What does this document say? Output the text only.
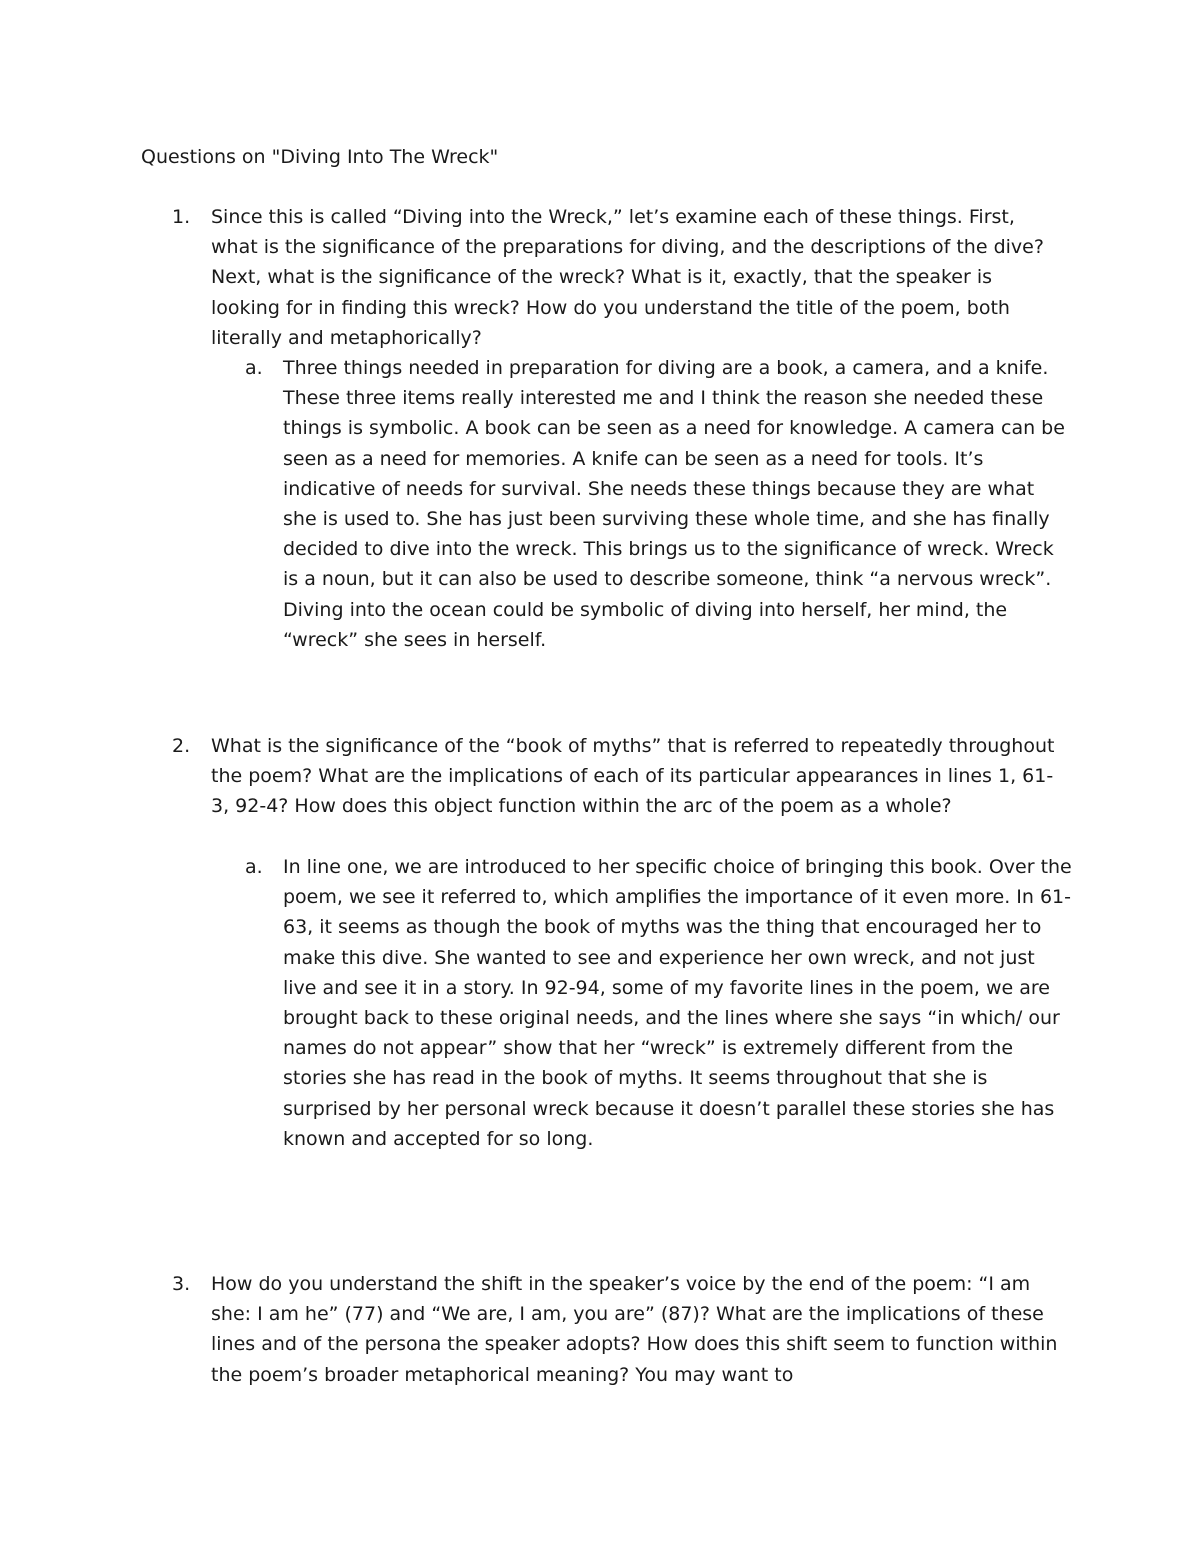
Questions on "Diving Into The Wreck"

1. Since this is called “Diving into the Wreck,” let’s examine each of these things. First, what is the significance of the preparations for diving, and the descriptions of the dive? Next, what is the significance of the wreck? What is it, exactly, that the speaker is looking for in finding this wreck? How do you understand the title of the poem, both literally and metaphorically?

a. Three things needed in preparation for diving are a book, a camera, and a knife. These three items really interested me and I think the reason she needed these things is symbolic. A book can be seen as a need for knowledge. A camera can be seen as a need for memories. A knife can be seen as a need for tools. It’s indicative of needs for survival. She needs these things because they are what she is used to. She has just been surviving these whole time, and she has finally decided to dive into the wreck. This brings us to the significance of wreck. Wreck is a noun, but it can also be used to describe someone, think “a nervous wreck”. Diving into the ocean could be symbolic of diving into herself, her mind, the “wreck” she sees in herself.

2. What is the significance of the “book of myths” that is referred to repeatedly throughout the poem? What are the implications of each of its particular appearances in lines 1, 61-3, 92-4? How does this object function within the arc of the poem as a whole?

a. In line one, we are introduced to her specific choice of bringing this book. Over the poem, we see it referred to, which amplifies the importance of it even more. In 61-63, it seems as though the book of myths was the thing that encouraged her to make this dive. She wanted to see and experience her own wreck, and not just live and see it in a story. In 92-94, some of my favorite lines in the poem, we are brought back to these original needs, and the lines where she says “in which/ our names do not appear” show that her “wreck” is extremely different from the stories she has read in the book of myths. It seems throughout that she is surprised by her personal wreck because it doesn’t parallel these stories she has known and accepted for so long.

3. How do you understand the shift in the speaker’s voice by the end of the poem: “I am she: I am he” (77) and “We are, I am, you are” (87)? What are the implications of these lines and of the persona the speaker adopts? How does this shift seem to function within the poem’s broader metaphorical meaning? You may want to
